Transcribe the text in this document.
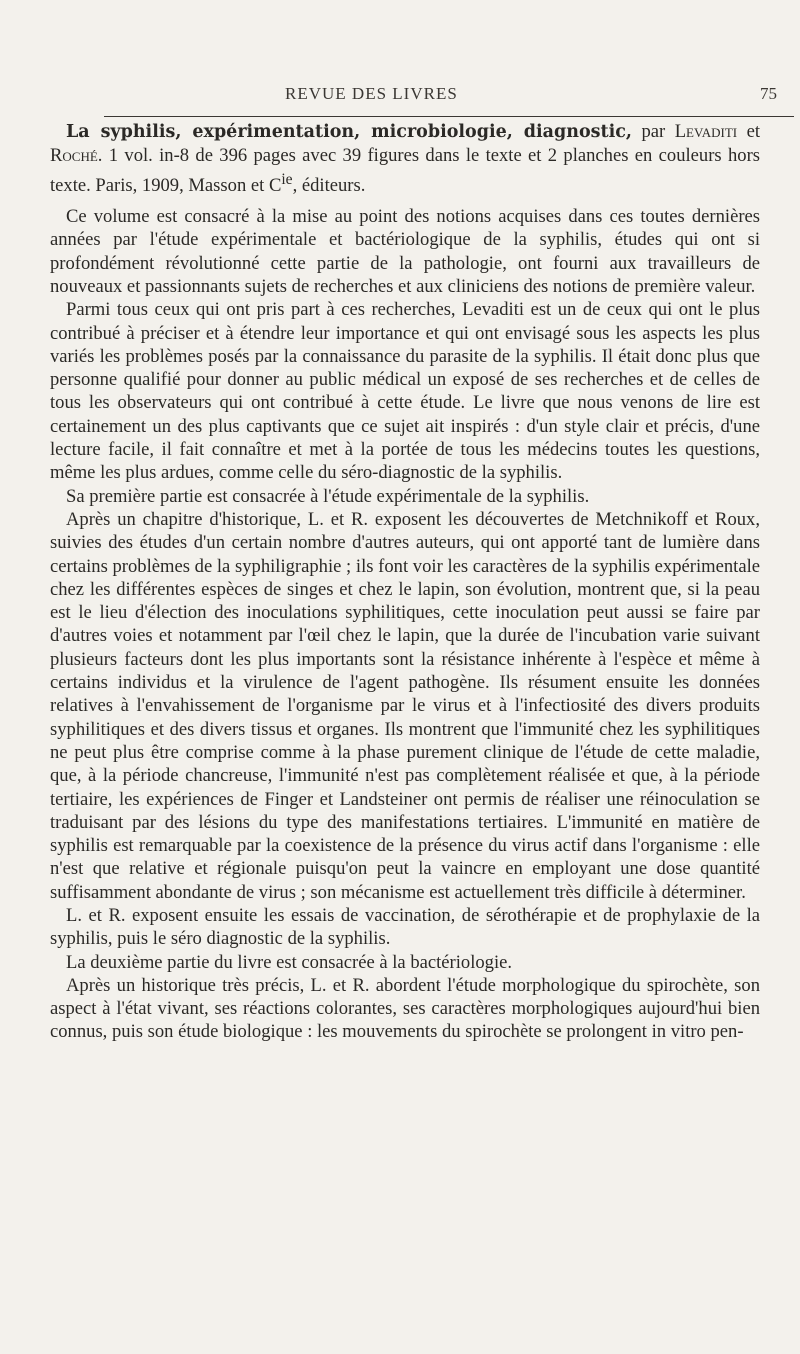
REVUE DES LIVRES	75

La syphilis, expérimentation, microbiologie, diagnostic, par Levaditi et Roché. 1 vol. in-8 de 396 pages avec 39 figures dans le texte et 2 planches en couleurs hors texte. Paris, 1909, Masson et $C^{ie}$, éditeurs.

Ce volume est consacré à la mise au point des notions acquises dans ces toutes dernières années par l'étude expérimentale et bactériologique de la syphilis, études qui ont si profondément révolutionné cette partie de la pathologie, ont fourni aux travailleurs de nouveaux et passionnants sujets de recherches et aux cliniciens des notions de première valeur.

Parmi tous ceux qui ont pris part à ces recherches, Levaditi est un de ceux qui ont le plus contribué à préciser et à étendre leur importance et qui ont envisagé sous les aspects les plus variés les problèmes posés par la connaissance du parasite de la syphilis. Il était donc plus que personne qualifié pour donner au public médical un exposé de ses recherches et de celles de tous les observateurs qui ont contribué à cette étude. Le livre que nous venons de lire est certainement un des plus captivants que ce sujet ait inspirés : d'un style clair et précis, d'une lecture facile, il fait connaître et met à la portée de tous les médecins toutes les questions, même les plus ardues, comme celle du séro-diagnostic de la syphilis.

Sa première partie est consacrée à l'étude expérimentale de la syphilis.

Après un chapitre d'historique, L. et R. exposent les découvertes de Metchnikoff et Roux, suivies des études d'un certain nombre d'autres auteurs, qui ont apporté tant de lumière dans certains problèmes de la syphiligraphie ; ils font voir les caractères de la syphilis expérimentale chez les différentes espèces de singes et chez le lapin, son évolution, montrent que, si la peau est le lieu d'élection des inoculations syphilitiques, cette inoculation peut aussi se faire par d'autres voies et notamment par l'œil chez le lapin, que la durée de l'incubation varie suivant plusieurs facteurs dont les plus importants sont la résistance inhérente à l'espèce et même à certains individus et la virulence de l'agent pathogène. Ils résument ensuite les données relatives à l'envahissement de l'organisme par le virus et à l'infectiosité des divers produits syphilitiques et des divers tissus et organes. Ils montrent que l'immunité chez les syphilitiques ne peut plus être comprise comme à la phase purement clinique de l'étude de cette maladie, que, à la période chancreuse, l'immunité n'est pas complètement réalisée et que, à la période tertiaire, les expériences de Finger et Landsteiner ont permis de réaliser une réinoculation se traduisant par des lésions du type des manifestations tertiaires. L'immunité en matière de syphilis est remarquable par la coexistence de la présence du virus actif dans l'organisme : elle n'est que relative et régionale puisqu'on peut la vaincre en employant une dose quantité suffisamment abondante de virus ; son mécanisme est actuellement très difficile à déterminer.

L. et R. exposent ensuite les essais de vaccination, de sérothérapie et de prophylaxie de la syphilis, puis le séro diagnostic de la syphilis.

La deuxième partie du livre est consacrée à la bactériologie.

Après un historique très précis, L. et R. abordent l'étude morphologique du spirochète, son aspect à l'état vivant, ses réactions colorantes, ses caractères morphologiques aujourd'hui bien connus, puis son étude biologique : les mouvements du spirochète se prolongent in vitro pen-
